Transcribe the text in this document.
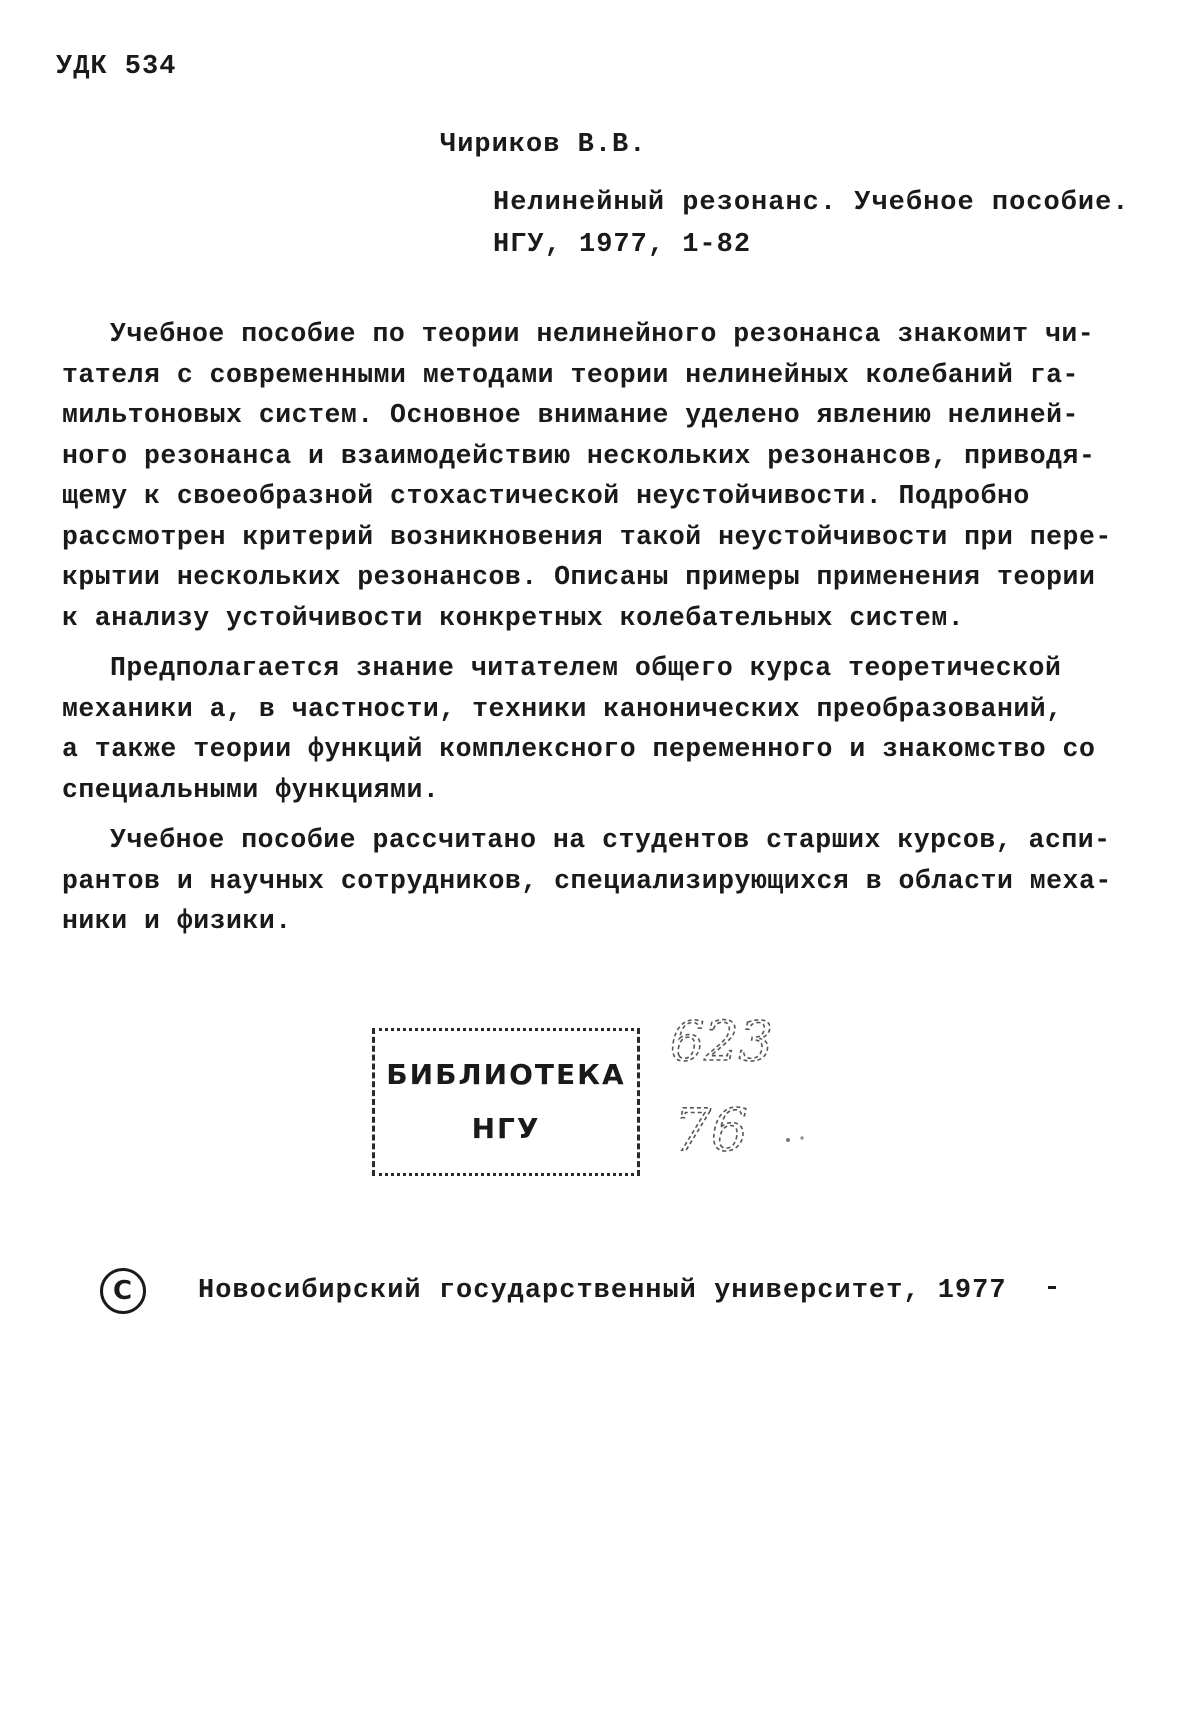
УДК 534
Чириков В.В.
Нелинейный резонанс. Учебное пособие.
НГУ, 1977, 1-82
Учебное пособие по теории нелинейного резонанса знакомит чи-
тателя с современными методами теории нелинейных колебаний га-
мильтоновых систем. Основное внимание уделено явлению нелиней-
ного резонанса и взаимодействию нескольких резонансов, приводя-
щему к своеобразной стохастической неустойчивости. Подробно
рассмотрен критерий возникновения такой неустойчивости при пере-
крытии нескольких резонансов. Описаны примеры применения теории
к анализу устойчивости конкретных колебательных систем.
Предполагается знание читателем общего курса теоретической
механики а, в частности, техники канонических преобразований,
а также теории функций комплексного переменного и знакомство со
специальными функциями.
Учебное пособие рассчитано на студентов старших курсов, аспи-
рантов и научных сотрудников, специализирующихся в области меха-
ники и физики.
БИБЛИОТЕКА
НГУ
623
76
C	Новосибирский государственный университет, 1977
